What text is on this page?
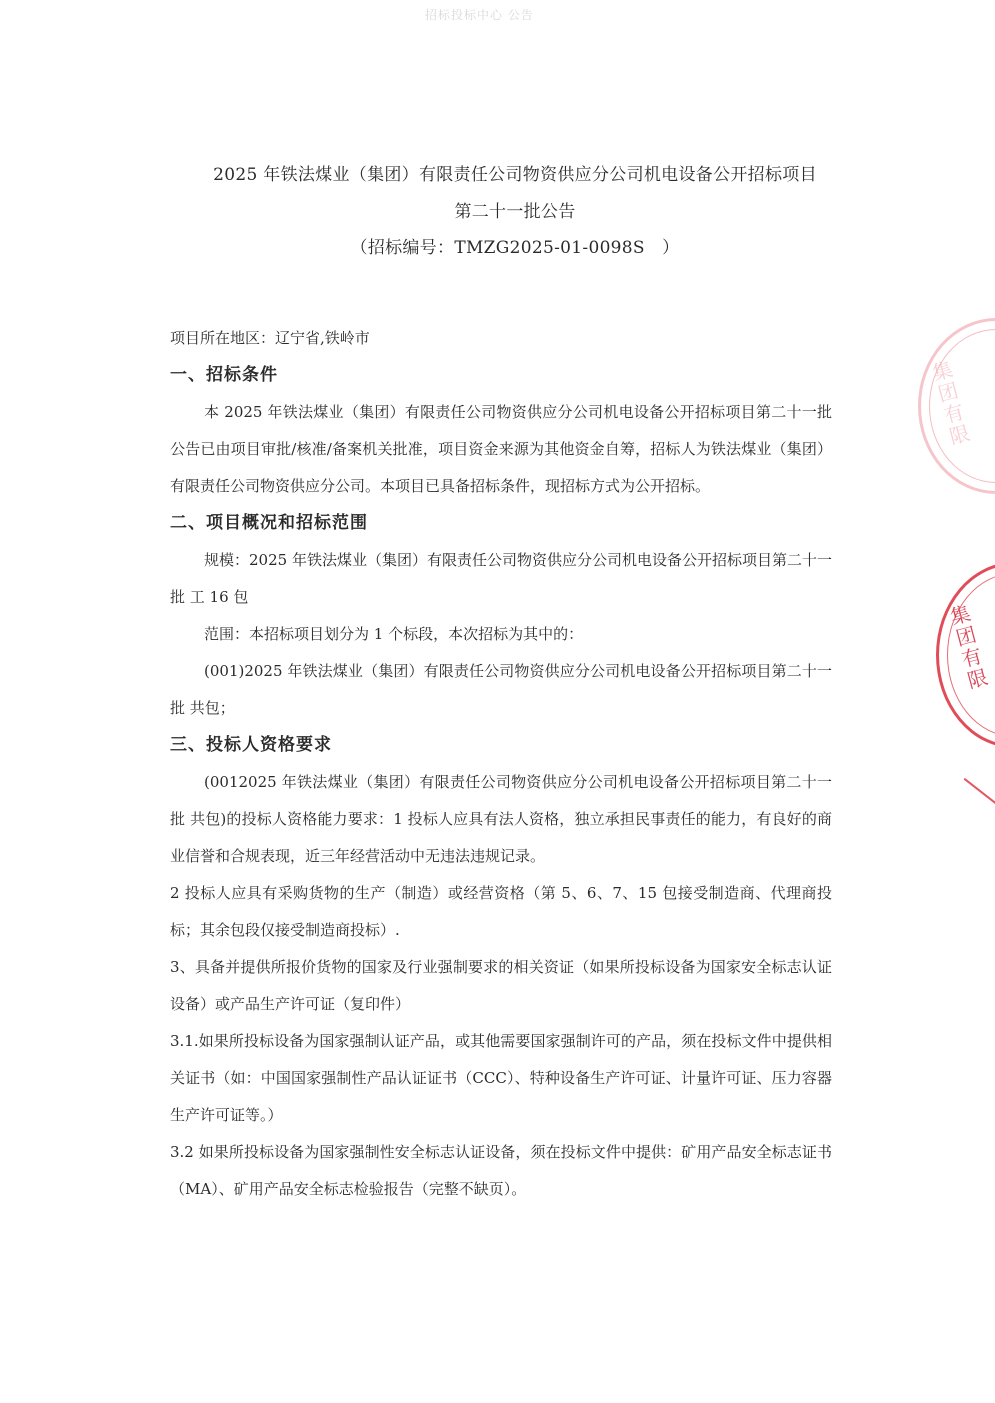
招标投标中心 公告
2025 年铁法煤业（集团）有限责任公司物资供应分公司机电设备公开招标项目
第二十一批公告
（招标编号：TMZG2025-01-0098S　）

项目所在地区：辽宁省,铁岭市

一、招标条件

本 2025 年铁法煤业（集团）有限责任公司物资供应分公司机电设备公开招标项目第二十一批公告已由项目审批/核准/备案机关批准，项目资金来源为其他资金自筹，招标人为铁法煤业（集团）有限责任公司物资供应分公司。本项目已具备招标条件，现招标方式为公开招标。

二、项目概况和招标范围

规模：2025 年铁法煤业（集团）有限责任公司物资供应分公司机电设备公开招标项目第二十一批 工 16 包

范围：本招标项目划分为 1 个标段，本次招标为其中的：

(001)2025 年铁法煤业（集团）有限责任公司物资供应分公司机电设备公开招标项目第二十一批 共包；

三、投标人资格要求

(0012025 年铁法煤业（集团）有限责任公司物资供应分公司机电设备公开招标项目第二十一批 共包)的投标人资格能力要求：1 投标人应具有法人资格，独立承担民事责任的能力，有良好的商业信誉和合规表现，近三年经营活动中无违法违规记录。

2 投标人应具有采购货物的生产（制造）或经营资格（第 5、6、7、15 包接受制造商、代理商投标；其余包段仅接受制造商投标）.

3、具备并提供所报价货物的国家及行业强制要求的相关资证（如果所投标设备为国家安全标志认证设备）或产品生产许可证（复印件）

3.1.如果所投标设备为国家强制认证产品，或其他需要国家强制许可的产品，须在投标文件中提供相关证书（如：中国国家强制性产品认证证书（CCC）、特种设备生产许可证、计量许可证、压力容器生产许可证等。）

3.2 如果所投标设备为国家强制性安全标志认证设备，须在投标文件中提供：矿用产品安全标志证书（MA）、矿用产品安全标志检验报告（完整不缺页）。

集团有限
集团有限
